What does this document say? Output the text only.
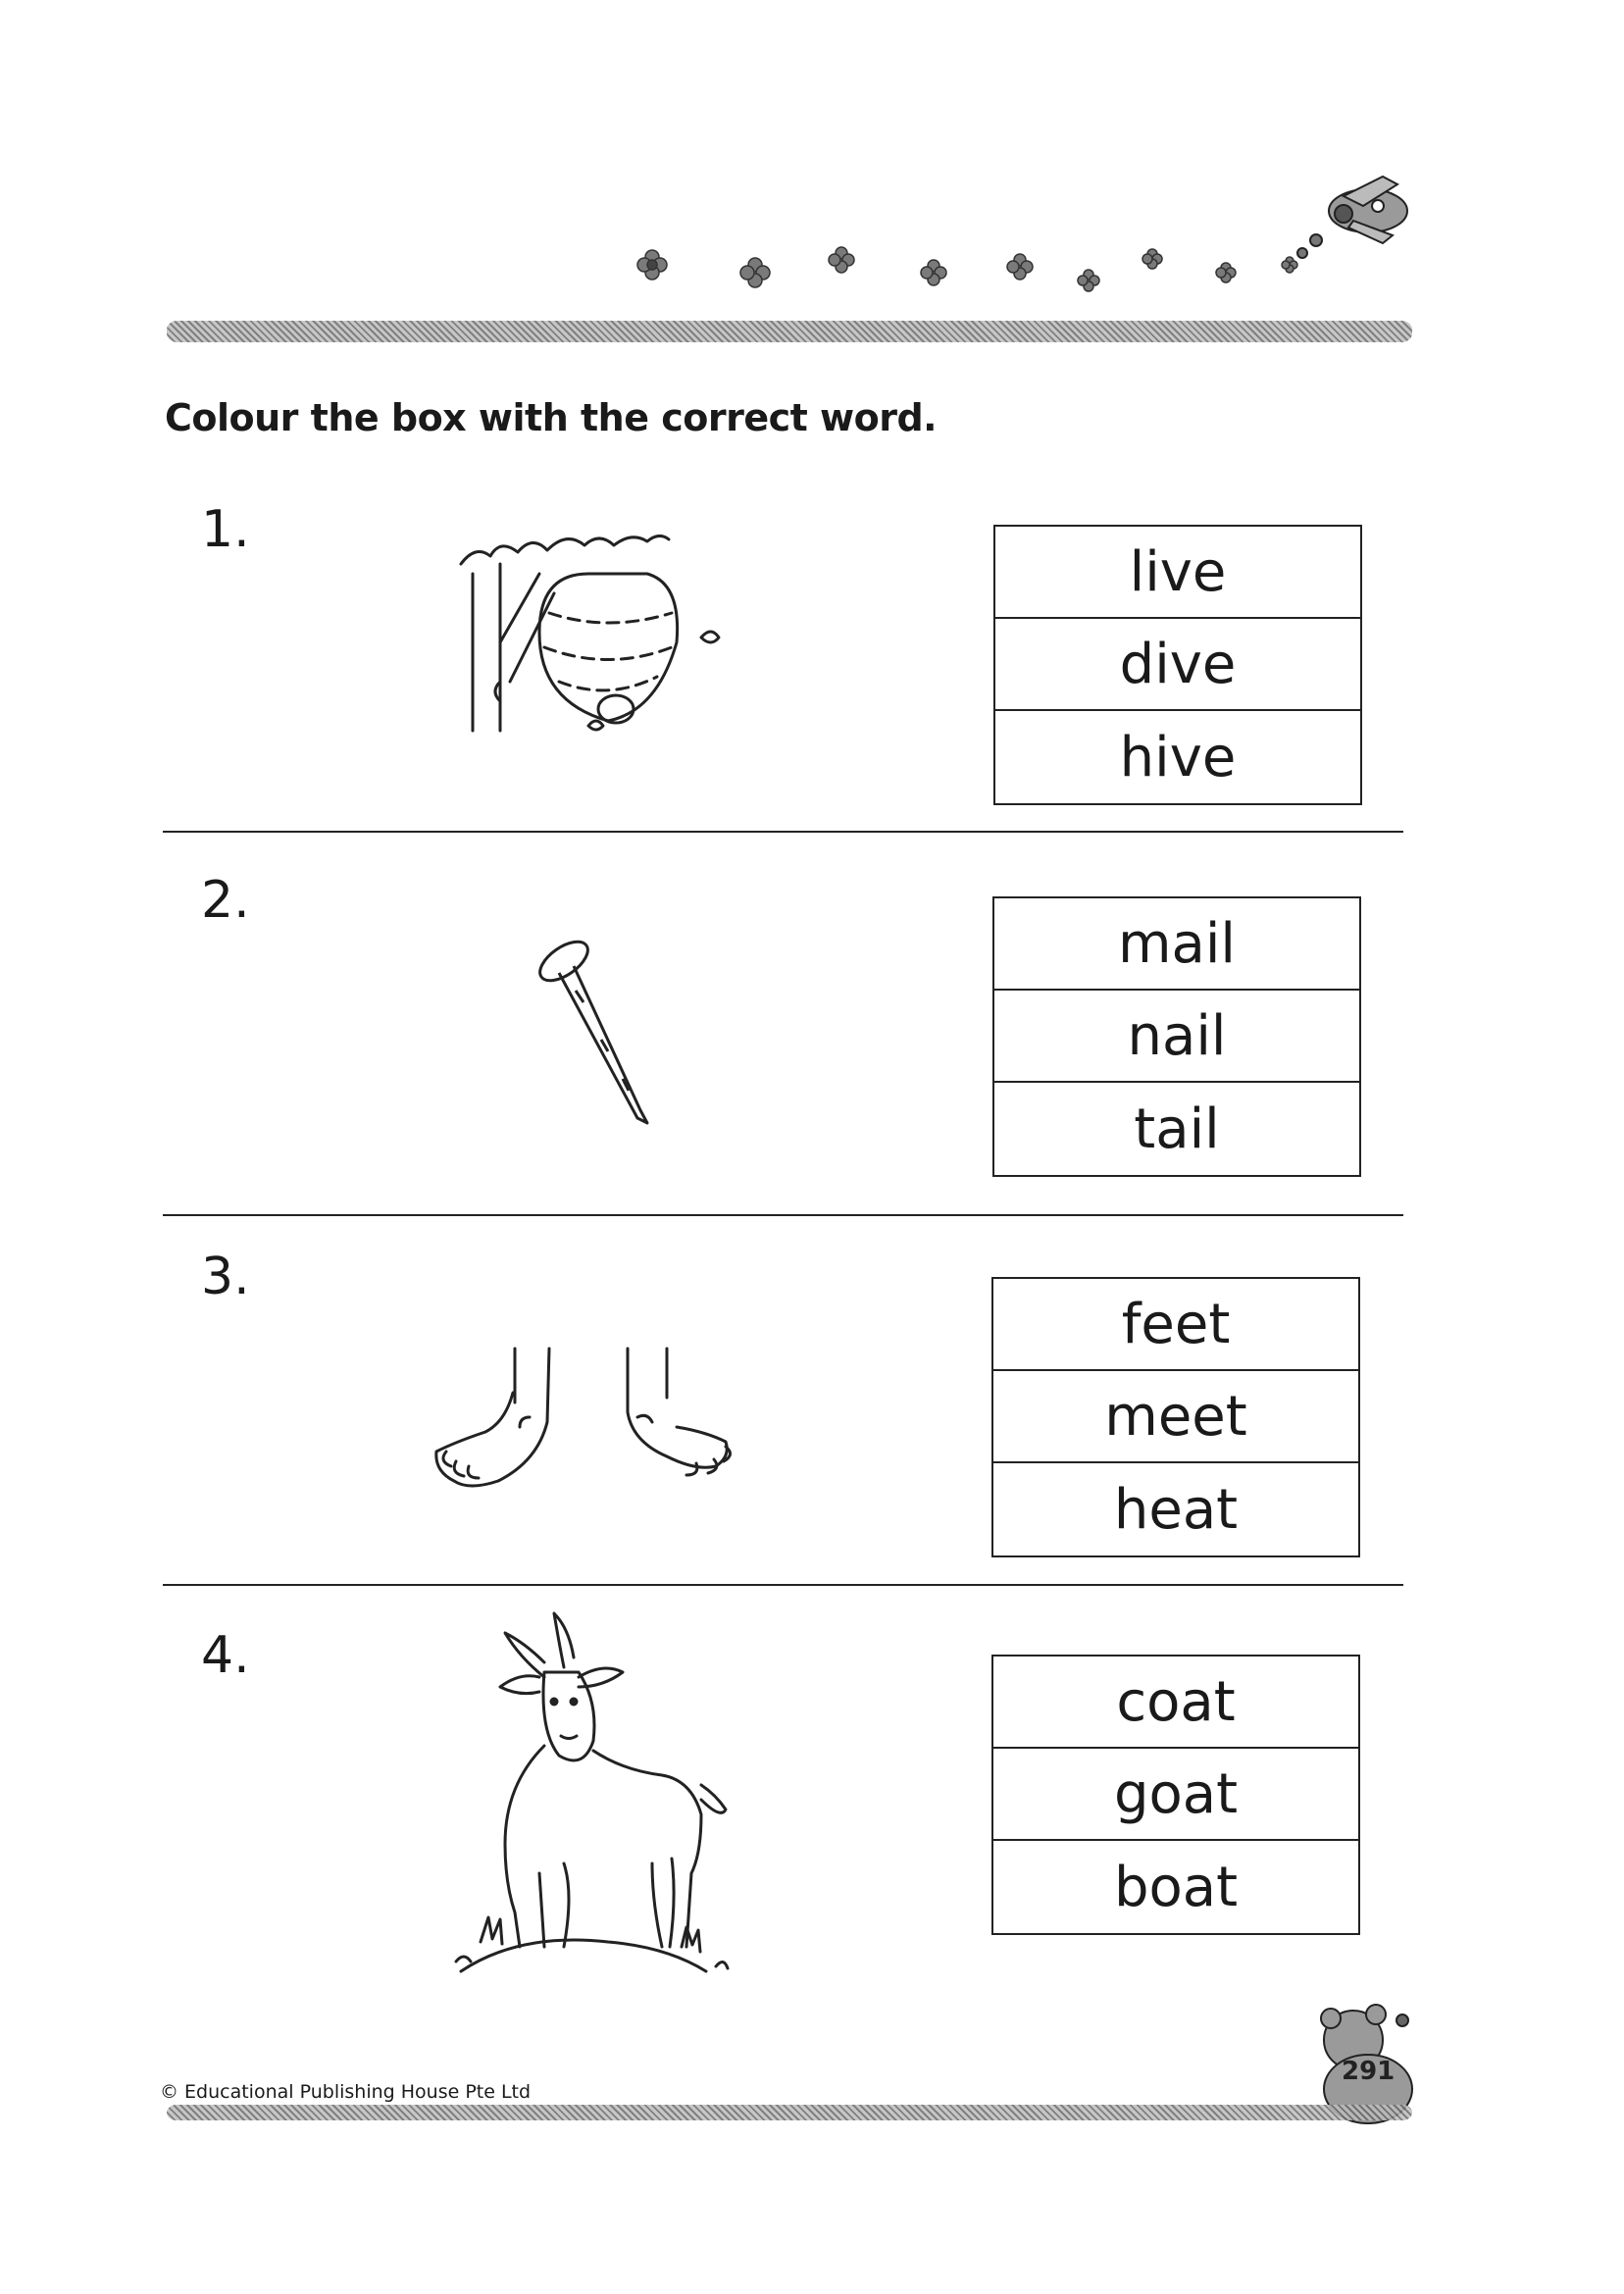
Colour the box with the correct word.
1.
live
dive
hive
2.
mail
nail
tail
3.
feet
meet
heat
4.
coat
goat
boat
© Educational Publishing House Pte Ltd
291
